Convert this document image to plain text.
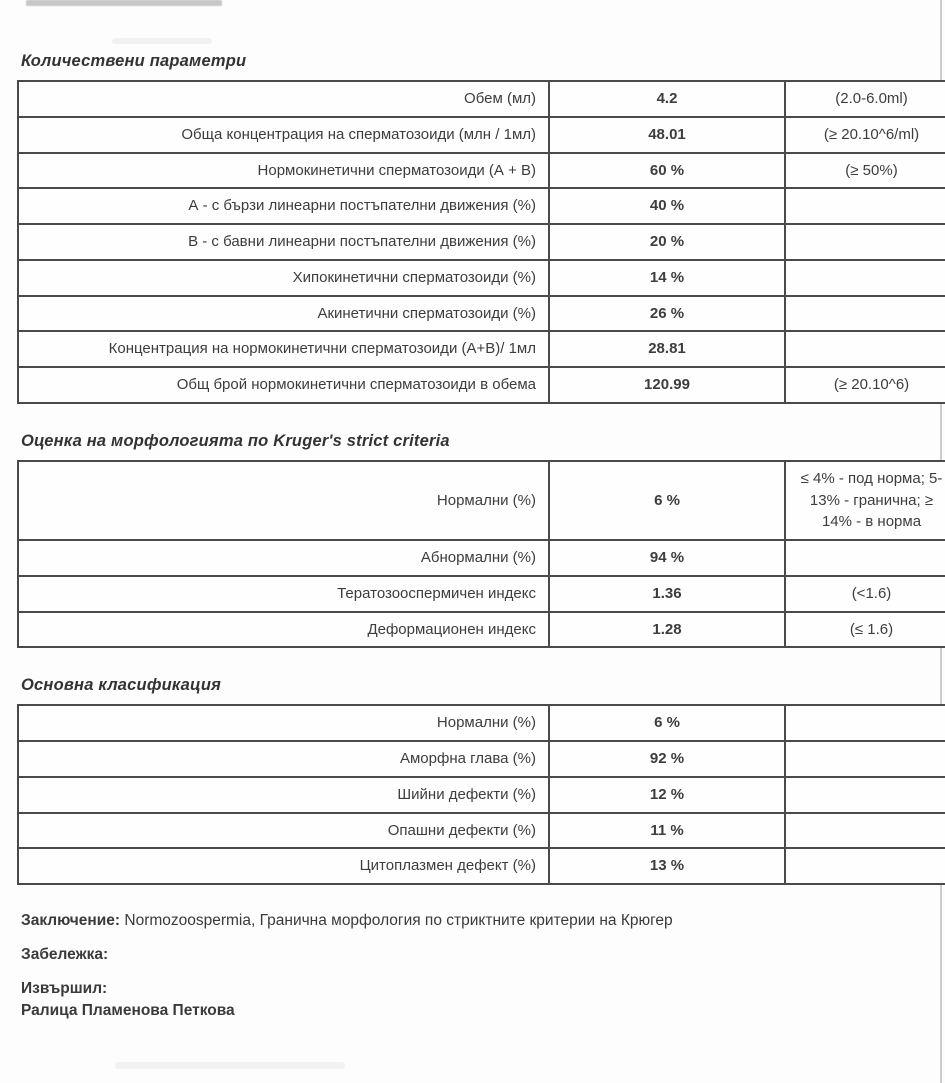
Количествени параметри
Обем (мл)	4.2	(2.0-6.0ml)
Обща концентрация на сперматозоиди (млн / 1мл)	48.01	(≥ 20.10^6/ml)
Нормокинетични сперматозоиди (А + В)	60 %	(≥ 50%)
А - с бързи линеарни постъпателни движения (%)	40 %	
В - с бавни линеарни постъпателни движения (%)	20 %	
Хипокинетични сперматозоиди (%)	14 %	
Акинетични сперматозоиди (%)	26 %	
Концентрация на нормокинетични сперматозоиди (А+В)/ 1мл	28.81	
Общ брой нормокинетични сперматозоиди в обема	120.99	(≥ 20.10^6)
Оценка на морфологията по Kruger's strict criteria
Нормални (%)	6 %	≤ 4% - под норма; 5-13% - гранична; ≥ 14% - в норма
Абнормални (%)	94 %	
Тератозооспермичен индекс	1.36	(<1.6)
Деформационен индекс	1.28	(≤ 1.6)
Основна класификация
Нормални (%)	6 %	
Аморфна глава (%)	92 %	
Шийни дефекти (%)	12 %	
Опашни дефекти (%)	11 %	
Цитоплазмен дефект (%)	13 %	

Заключение: Normozoospermia, Гранична морфология по стриктните критерии на Крюгер

Забележка:

Извършил:

Ралица Пламенова Петкова
